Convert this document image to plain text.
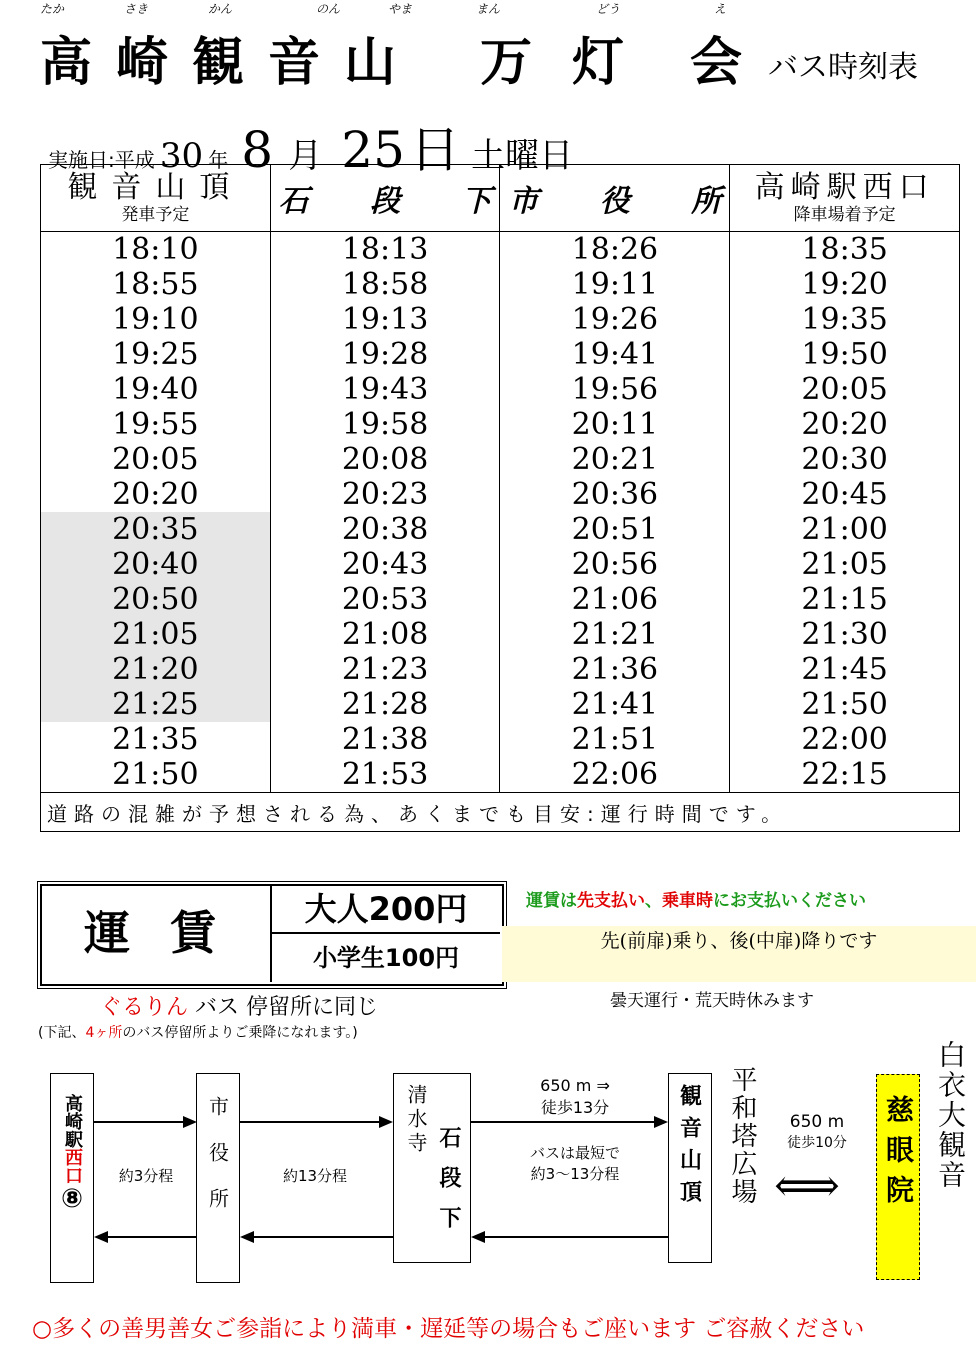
たか	さき	かん	のん	やま	まん	どう	え
高崎観音山 万灯 会 バス時刻表
実施日:平成 30 年 8 月 25 日 土曜日
観音山頂
発車予定	石 段 下	市 役 所	高崎駅西口
降車場着予定

18:10	18:13	18:26	18:35
18:55	18:58	19:11	19:20
19:10	19:13	19:26	19:35
19:25	19:28	19:41	19:50
19:40	19:43	19:56	20:05
19:55	19:58	20:11	20:20
20:05	20:08	20:21	20:30
20:20	20:23	20:36	20:45
20:35	20:38	20:51	21:00
20:40	20:43	20:56	21:05
20:50	20:53	21:06	21:15
21:05	21:08	21:21	21:30
21:20	21:23	21:36	21:45
21:25	21:28	21:41	21:50
21:35	21:38	21:51	22:00
21:50	21:53	22:06	22:15
道路の混雑が予想される為、あくまでも目安:運行時間です。			
運賃	大人200円
小学生100円
運賃は先支払い、乗車時にお支払いください
先(前扉)乗り、後(中扉)降りです
曇天運行・荒天時休みます
ぐるりん バス 停留所に同じ
(下記、4ヶ所のバス停留所よりご乗降になれます。)
高崎駅
西口
⑧	市役所	清水寺
石段下	観音山頂
約3分程	約13分程
650 m ⇒
徒歩13分
バスは最短で
約3〜13分程	平和塔広場	650 m
徒歩10分
⟺ 慈眼院 白衣大観音
○多くの善男善女ご参詣により満車・遅延等の場合もご座います ご容赦ください
